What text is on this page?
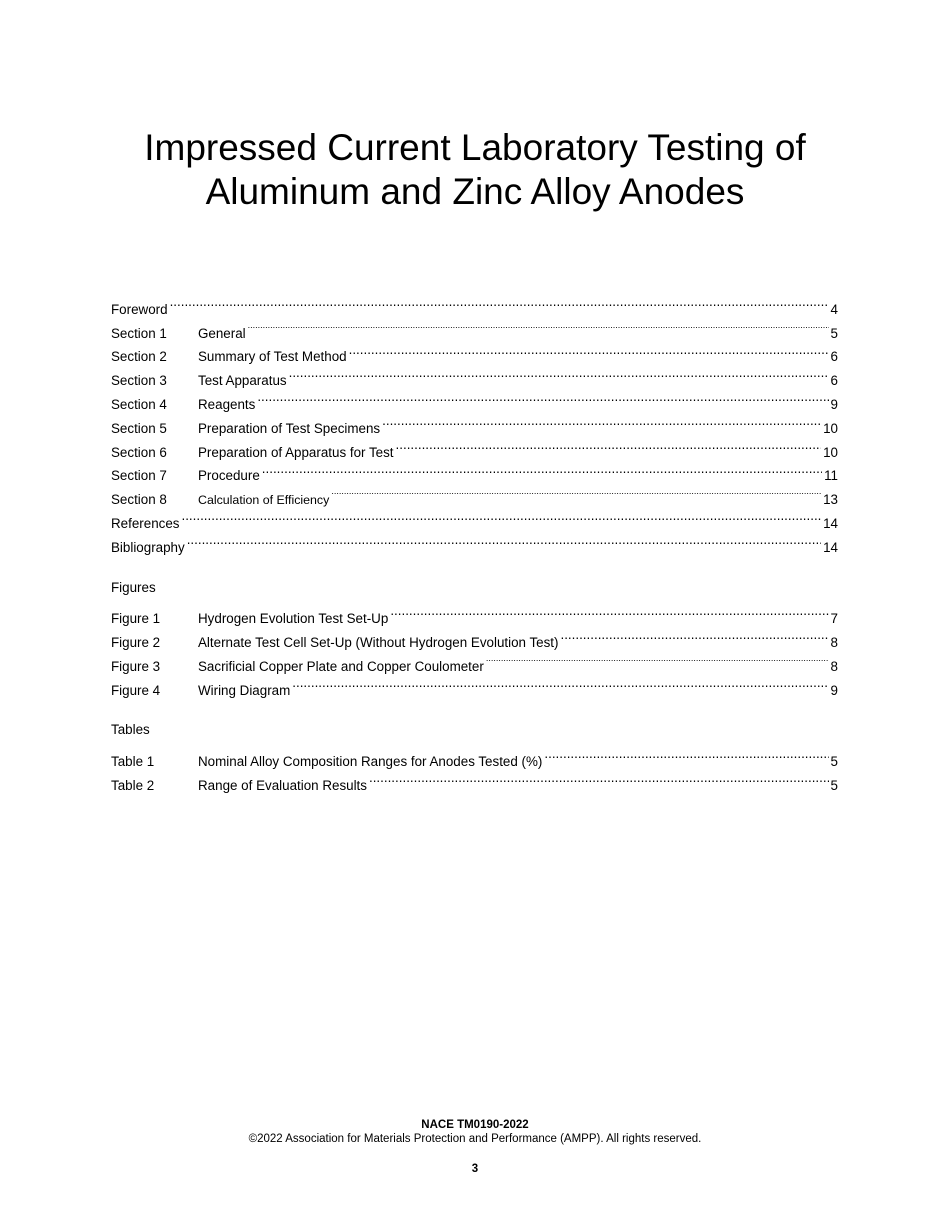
Impressed Current Laboratory Testing of
Aluminum and Zinc Alloy Anodes
Foreword .....	4
Section 1	General .....	5
Section 2	Summary of Test Method .....	6
Section 3	Test Apparatus .....	6
Section 4	Reagents .....	9
Section 5	Preparation of Test Specimens .....	10
Section 6	Preparation of Apparatus for Test .....	10
Section 7	Procedure .....	11
Section 8	Calculation of Efficiency .....	13
References .....	14
Bibliography .....	14
Figures
Figure 1	Hydrogen Evolution Test Set-Up .....	7
Figure 2	Alternate Test Cell Set-Up (Without Hydrogen Evolution Test) .....	8
Figure 3	Sacrificial Copper Plate and Copper Coulometer .....	8
Figure 4	Wiring Diagram .....	9
Tables
Table 1	Nominal Alloy Composition Ranges for Anodes Tested (%) .....	5
Table 2	Range of Evaluation Results .....	5
NACE TM0190-2022
©2022 Association for Materials Protection and Performance (AMPP). All rights reserved.
3
